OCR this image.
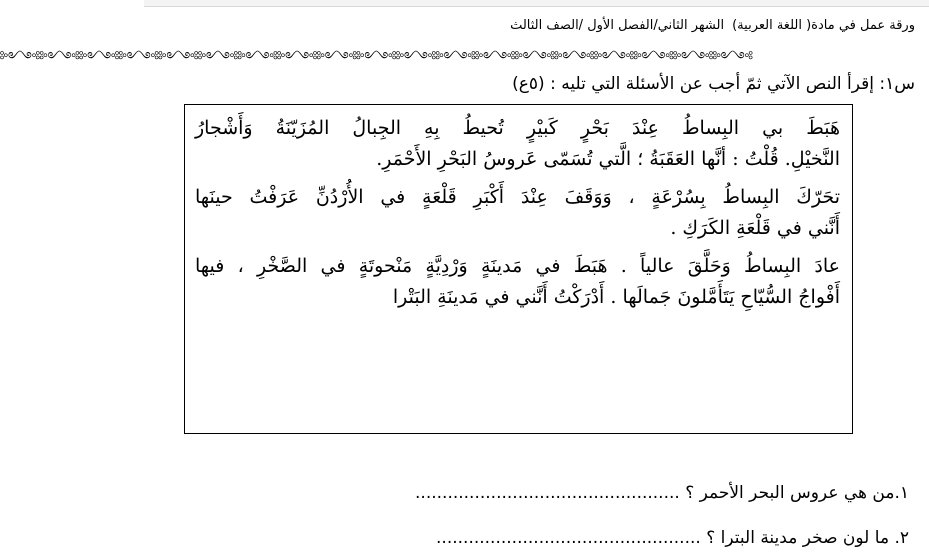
ورقة عمل في مادة( اللغة العربية)الشهر الثاني/الفصل الأول /الصف الثالث
༻༺༻༺༻༺༻༺༻༺༻༺༻༺༻༺༻༺༻༺༻༺༻༺༻༺༻༺༻༺༻༺༻༺༻༺༻༺
س١: إقرأ النص الآتي ثمّ أجب عن الأسئلة التي تليه : (٥ع)
هَبَطَ بي البِساطُ عِنْدَ بَحْرٍ كَبيْرٍ تُحيطُ بِهِ الجِبالُ المُزَيّنَةُ وَأَشْجارُ
النَّخيْلِ. قُلْتُ : أنَّها العَقَبَةُ ؛ الَّتي تُسَمّى عَروسُ البَحْرِ الأَحْمَرِ.
تحَرّكَ البِساطُ بِسُرْعَةٍ ، وَوَقَفَ عِنْدَ أَكْبَرِ قَلْعَةٍ في الأُرْدُنِّ عَرَفْتُ حينَها
أَنَّني في قَلْعَةِ الكَرَكِ .
عادَ البِساطُ وَحَلَّقَ عالياً . هَبَطَ في مَدينَةٍ وَرْدِيَّةٍ مَنْحوتَةٍ في الصَّخْرِ ، فيها
أَفْواجُ السُّيّاحِ يَتَأَمَّلونَ جَمالَها . أَدْرَكْتُ أَنَّني في مَدينَةِ البَتْرا
١.من هي عروس البحر الأحمر ؟ .................................................
٢. ما لون صخر مدينة البترا ؟ .................................................
